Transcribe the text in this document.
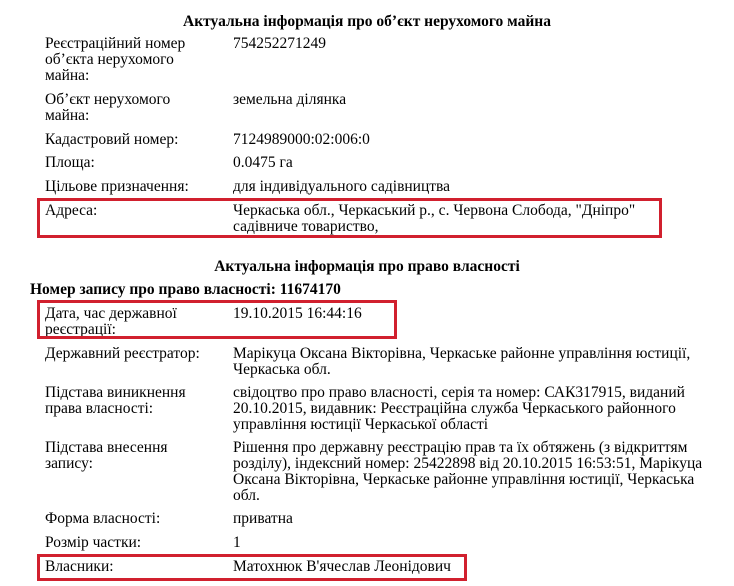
Актуальна інформація про об’єкт нерухомого майна
Реєстраційний номер об’єкта нерухомого майна:
754252271249
Об’єкт нерухомого майна:
земельна ділянка
Кадастровий номер:	7124989000:02:006:0
Площа:	0.0475 га
Цільове призначення:	для індивідуального садівництва
Адреса:	Черкаська обл., Черкаський р., с. Червона Слобода, "Дніпро" садівниче товариство,
Актуальна інформація про право власності
Номер запису про право власності: 11674170
Дата, час державної реєстрації:
19.10.2015 16:44:16
Державний реєстратор:	Марікуца Оксана Вікторівна, Черкаське районне управління юстиції, Черкаська обл.
Підстава виникнення права власності:
свідоцтво про право власності, серія та номер: САК317915, виданий 20.10.2015, видавник: Реєстраційна служба Черкаського районного управління юстиції Черкаської області
Підстава внесення запису:
Рішення про державну реєстрацію прав та їх обтяжень (з відкриттям розділу), індексний номер: 25422898 від 20.10.2015 16:53:51, Марікуца Оксана Вікторівна, Черкаське районне управління юстиції, Черкаська обл.
Форма власності:	приватна
Розмір частки:	1
Власники:	Матохнюк В'ячеслав Леонідович
